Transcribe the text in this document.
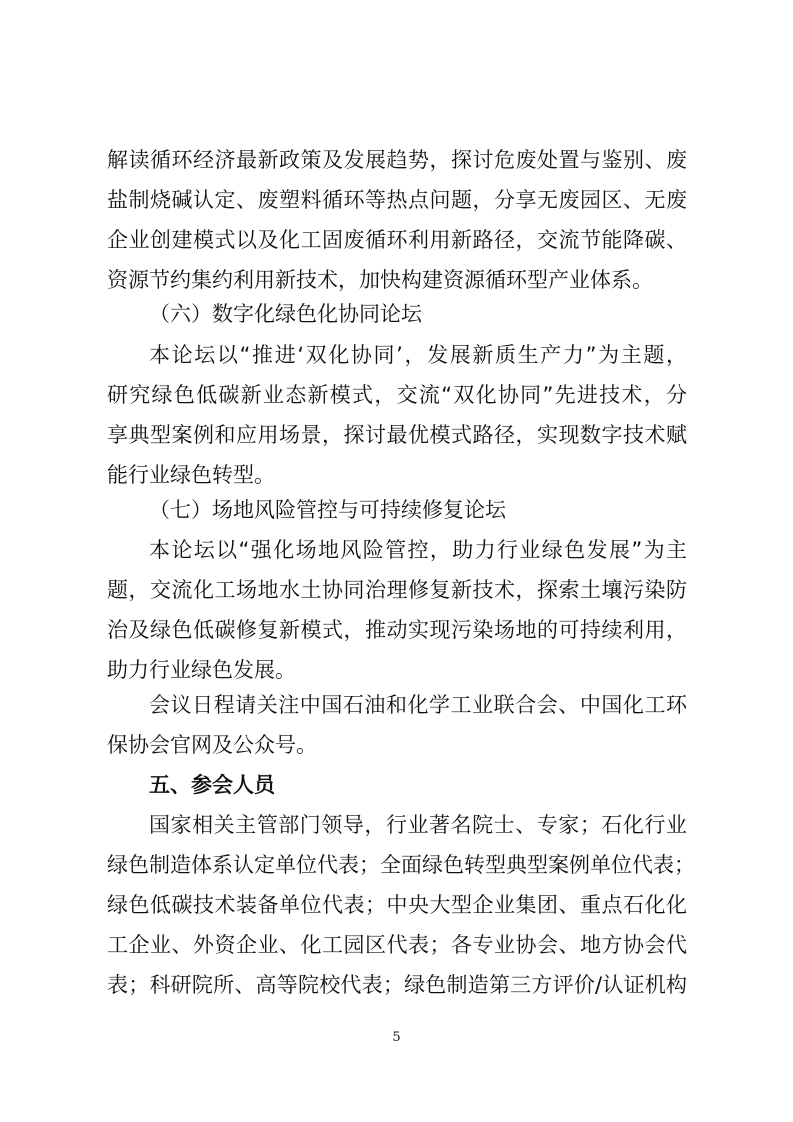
解读循环经济最新政策及发展趋势，探讨危废处置与鉴别、废
盐制烧碱认定、废塑料循环等热点问题，分享无废园区、无废
企业创建模式以及化工固废循环利用新路径，交流节能降碳、
资源节约集约利用新技术，加快构建资源循环型产业体系。
（六）数字化绿色化协同论坛
本论坛以“推进‘双化协同’，发展新质生产力”为主题，
研究绿色低碳新业态新模式，交流“双化协同”先进技术，分
享典型案例和应用场景，探讨最优模式路径，实现数字技术赋
能行业绿色转型。
（七）场地风险管控与可持续修复论坛
本论坛以“强化场地风险管控，助力行业绿色发展”为主
题，交流化工场地水土协同治理修复新技术，探索土壤污染防
治及绿色低碳修复新模式，推动实现污染场地的可持续利用，
助力行业绿色发展。
会议日程请关注中国石油和化学工业联合会、中国化工环
保协会官网及公众号。
五、参会人员
国家相关主管部门领导，行业著名院士、专家；石化行业
绿色制造体系认定单位代表；全面绿色转型典型案例单位代表；
绿色低碳技术装备单位代表；中央大型企业集团、重点石化化
工企业、外资企业、化工园区代表；各专业协会、地方协会代
表；科研院所、高等院校代表；绿色制造第三方评价/认证机构
5
